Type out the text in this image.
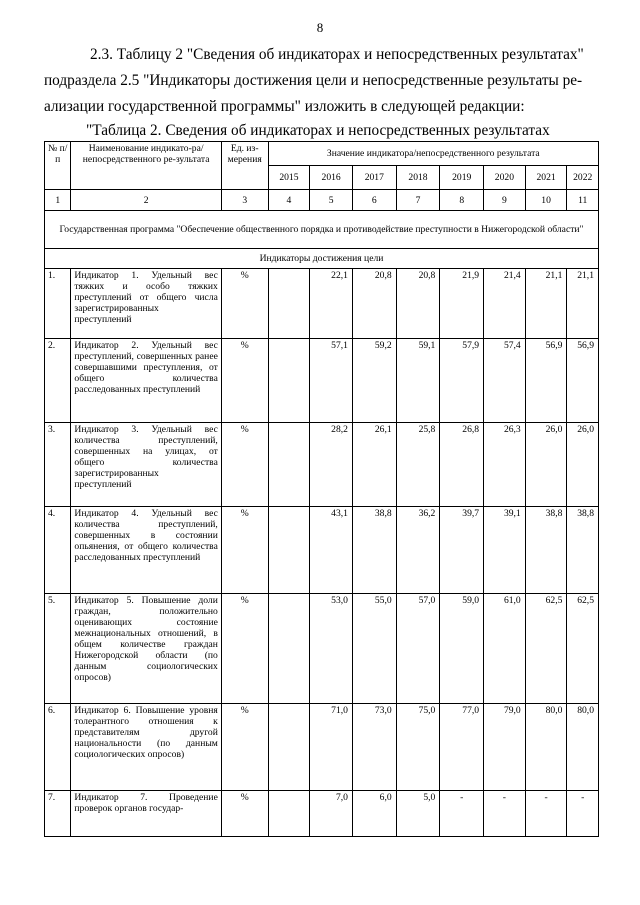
8

2.3. Таблицу 2 "Сведения об индикаторах и непосредственных результатах"

подраздела 2.5 "Индикаторы достижения цели и непосредственные результаты ре-

ализации государственной программы" изложить в следующей редакции:

"Таблица 2. Сведения об индикаторах и непосредственных результатах
№ п/п	Наименование индикато-ра/непосредственного ре-зультата	Ед. из-мерения	Значение индикатора/непосредственного результата							
			2015	2016	2017	2018	2019	2020	2021	2022
1	2	3	4	5	6	7	8	9	10	11
Государственная программа "Обеспечение общественного порядка и противодействие преступности в Нижегородской области"										
Индикаторы достижения цели										
1.	Индикатор 1. Удельный вес тяжких и особо тяжких преступлений от общего числа зарегистрированных преступлений	%		22,1	20,8	20,8	21,9	21,4	21,1	21,1
2.	Индикатор 2. Удельный вес преступлений, совершенных ранее совершавшими преступления, от общего количества расследованных преступлений	%		57,1	59,2	59,1	57,9	57,4	56,9	56,9
3.	Индикатор 3. Удельный вес количества преступлений, совершенных на улицах, от общего количества зарегистрированных преступлений	%		28,2	26,1	25,8	26,8	26,3	26,0	26,0
4.	Индикатор 4. Удельный вес количества преступлений, совершенных в состоянии опьянения, от общего количества расследованных преступлений	%		43,1	38,8	36,2	39,7	39,1	38,8	38,8
5.	Индикатор 5. Повышение доли граждан, положительно оценивающих состояние межнациональных отношений, в общем количестве граждан Нижегородской области (по данным социологических опросов)	%		53,0	55,0	57,0	59,0	61,0	62,5	62,5
6.	Индикатор 6. Повышение уровня толерантного отношения к представителям другой национальности (по данным социологических опросов)	%		71,0	73,0	75,0	77,0	79,0	80,0	80,0
7.	Индикатор 7. Проведение проверок органов государ-	%		7,0	6,0	5,0	-	-	-	-
